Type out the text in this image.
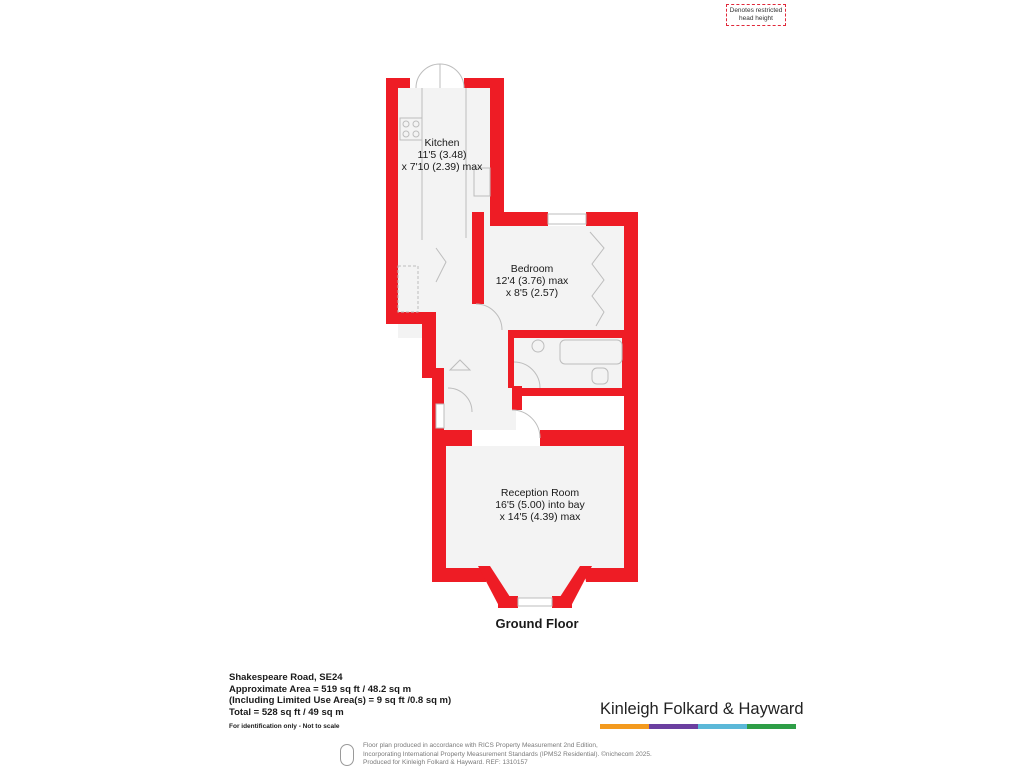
Denotes restricted
head height
Kitchen
11'5 (3.48)
x 7'10 (2.39) max
Bedroom
12'4 (3.76) max
x 8'5 (2.57)
Reception Room
16'5 (5.00) into bay
x 14'5 (4.39) max
Ground Floor
Shakespeare Road, SE24
Approximate Area = 519 sq ft / 48.2 sq m
(Including Limited Use Area(s) = 9 sq ft /0.8 sq m)
Total = 528 sq ft / 49 sq m
For identification only - Not to scale
Kinleigh Folkard & Hayward
Floor plan produced in accordance with RICS Property Measurement 2nd Edition,
Incorporating International Property Measurement Standards (IPMS2 Residential). ©nichecom 2025.
Produced for Kinleigh Folkard & Hayward. REF: 1310157
